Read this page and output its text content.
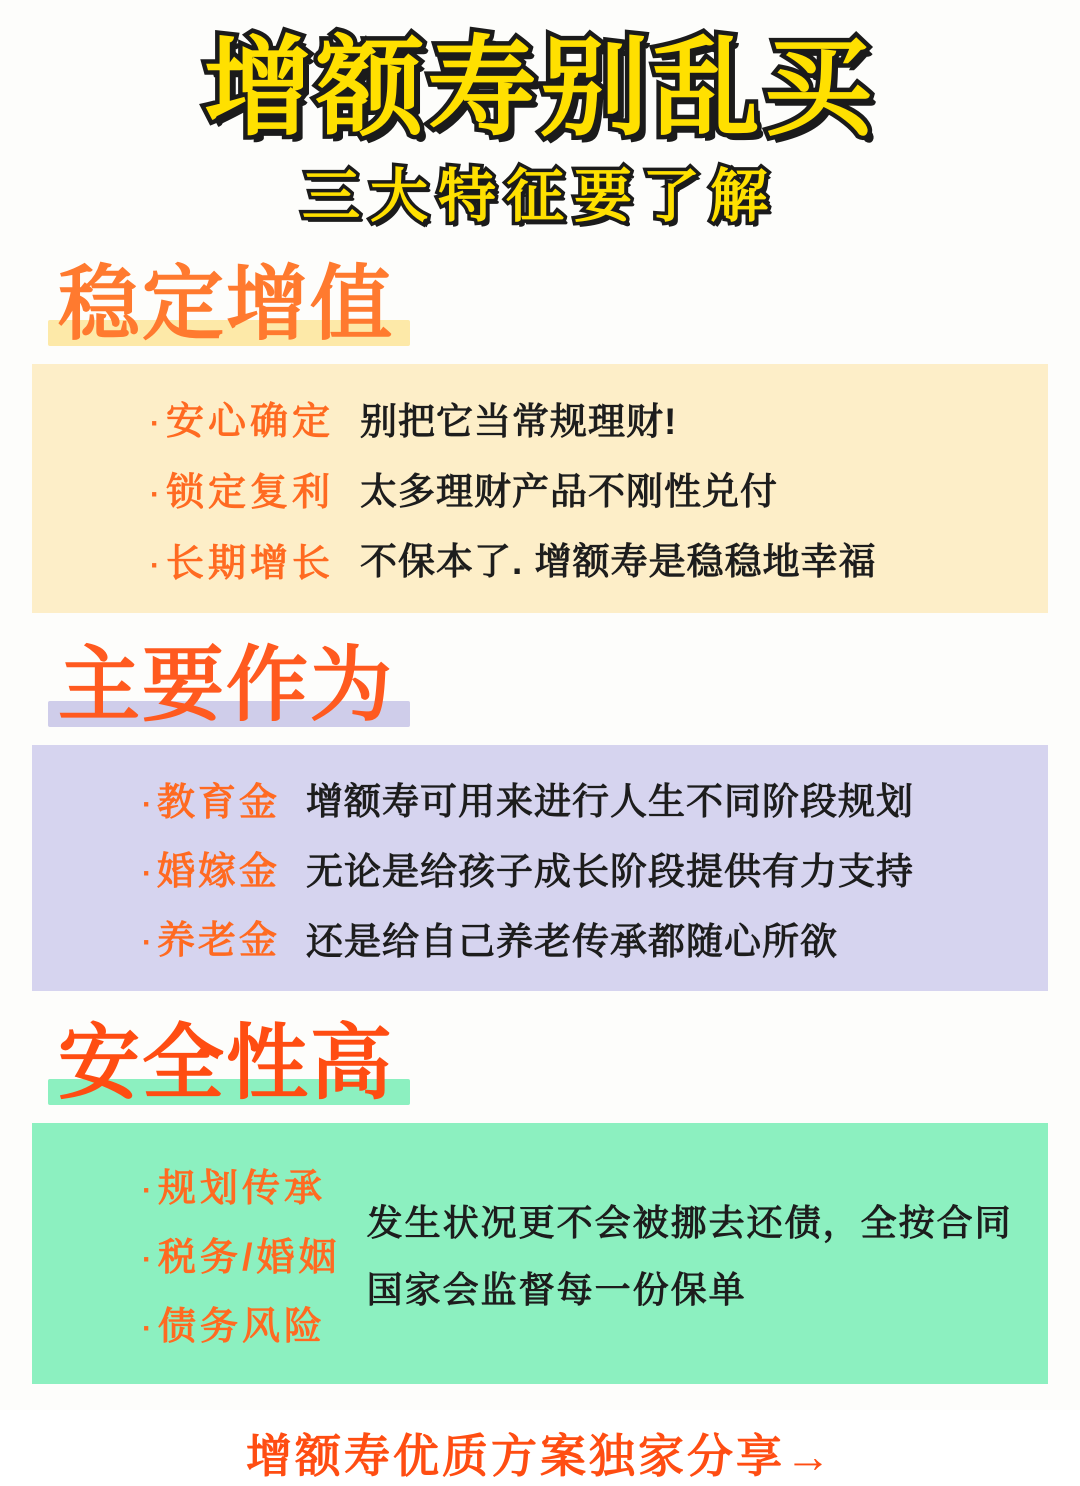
增额寿别乱买
三大特征要了解
稳定增值
·安心确定
·锁定复利
·长期增长
别把它当常规理财!
太多理财产品不刚性兑付
不保本了. 增额寿是稳稳地幸福
主要作为
·教育金
·婚嫁金
·养老金
增额寿可用来进行人生不同阶段规划
无论是给孩子成长阶段提供有力支持
还是给自己养老传承都随心所欲
安全性高
·规划传承
·税务/婚姻
·债务风险
发生状况更不会被挪去还债，全按合同
国家会监督每一份保单
增额寿优质方案独家分享→
